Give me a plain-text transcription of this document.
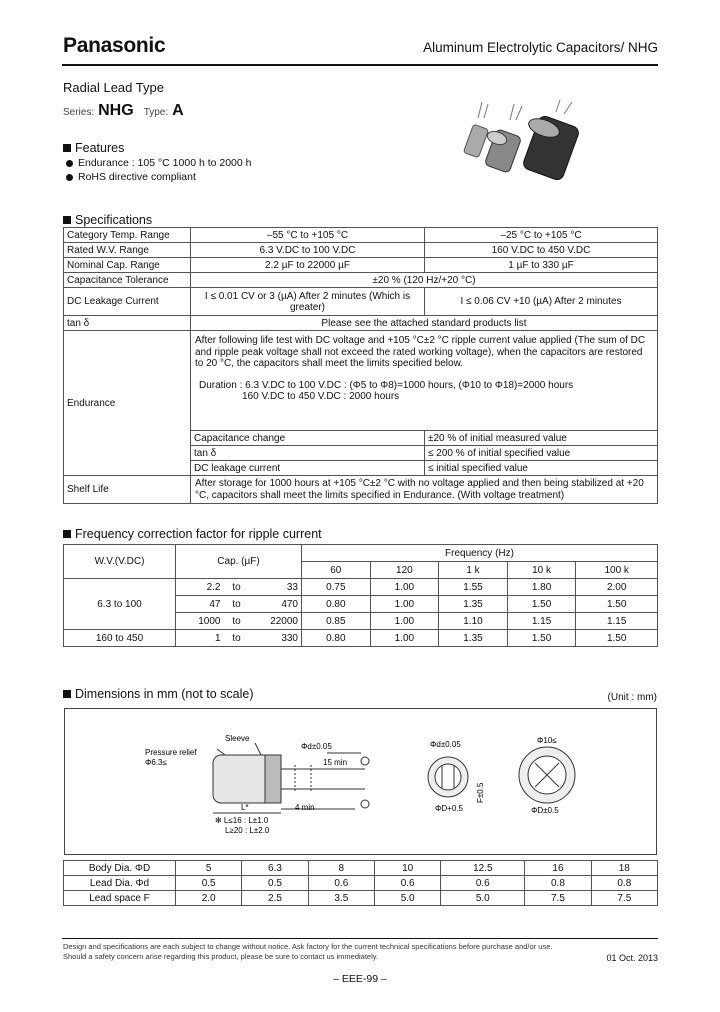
Panasonic	Aluminum Electrolytic Capacitors/ NHG
Radial Lead Type
Series: NHG Type: A
Features
Endurance : 105 °C 1000 h to 2000 h
RoHS directive compliant
Specifications
Category Temp. Range	–55 °C to +105 °C	–25 °C to +105 °C
Rated W.V. Range	6.3 V.DC to 100 V.DC	160 V.DC to 450 V.DC
Nominal Cap. Range	2.2 µF to 22000 µF	1 µF to 330 µF
Capacitance Tolerance	±20 % (120 Hz/+20 °C)	
DC Leakage Current	I ≤ 0.01 CV or 3 (µA) After 2 minutes (Which is greater)	I ≤ 0.06 CV +10 (µA) After 2 minutes
tan δ	Please see the attached standard products list	
Endurance	After following life test with DC voltage and +105 °C±2 °C ripple current value applied (The sum of DC and ripple peak voltage shall not exceed the rated working voltage), when the capacitors are restored to 20 °C, the capacitors shall meet the limits specified below.
Duration : 6.3 V.DC to 100 V.DC : (Φ5 to Φ8)=1000 hours, (Φ10 to Φ18)=2000 hours
160 V.DC to 450 V.DC : 2000 hours	

	Capacitance change	±20 % of initial measured value
	tan δ	≤ 200 % of initial specified value
	DC leakage current	≤ initial specified value
Shelf Life	After storage for 1000 hours at +105 °C±2 °C with no voltage applied and then being stabilized at +20 °C, capacitors shall meet the limits specified in Endurance. (With voltage treatment)	
Frequency correction factor for ripple current
W.V.(V.DC)	Cap. (µF)			Frequency (Hz)				
				60	120	1 k	10 k	100 k
6.3 to 100	2.2	to	33	0.75	1.00	1.55	1.80	2.00
	47	to	470	0.80	1.00	1.35	1.50	1.50
	1000	to	22000	0.85	1.00	1.10	1.15	1.15
160 to 450	1	to	330	0.80	1.00	1.35	1.50	1.50
Dimensions in mm (not to scale)	(Unit : mm)
Sleeve
Pressure relief
Φ6.3≤
Φd±0.05
15 min
4 min
L*
✻ L≤16 : L±1.0
L≥20 : L±2.0
Φd±0.05
ΦD+0.5
F±0.5
Φ10≤
ΦD±0.5
Body Dia. ΦD	5	6.3	8	10	12.5	16	18
Lead Dia. Φd	0.5	0.5	0.6	0.6	0.6	0.8	0.8
Lead space F	2.0	2.5	3.5	5.0	5.0	7.5	7.5
Design and specifications are each subject to change without notice. Ask factory for the current technical specifications before purchase and/or use.
Should a safety concern arise regarding this product, please be sure to contact us immediately.	01 Oct. 2013
– EEE-99 –
